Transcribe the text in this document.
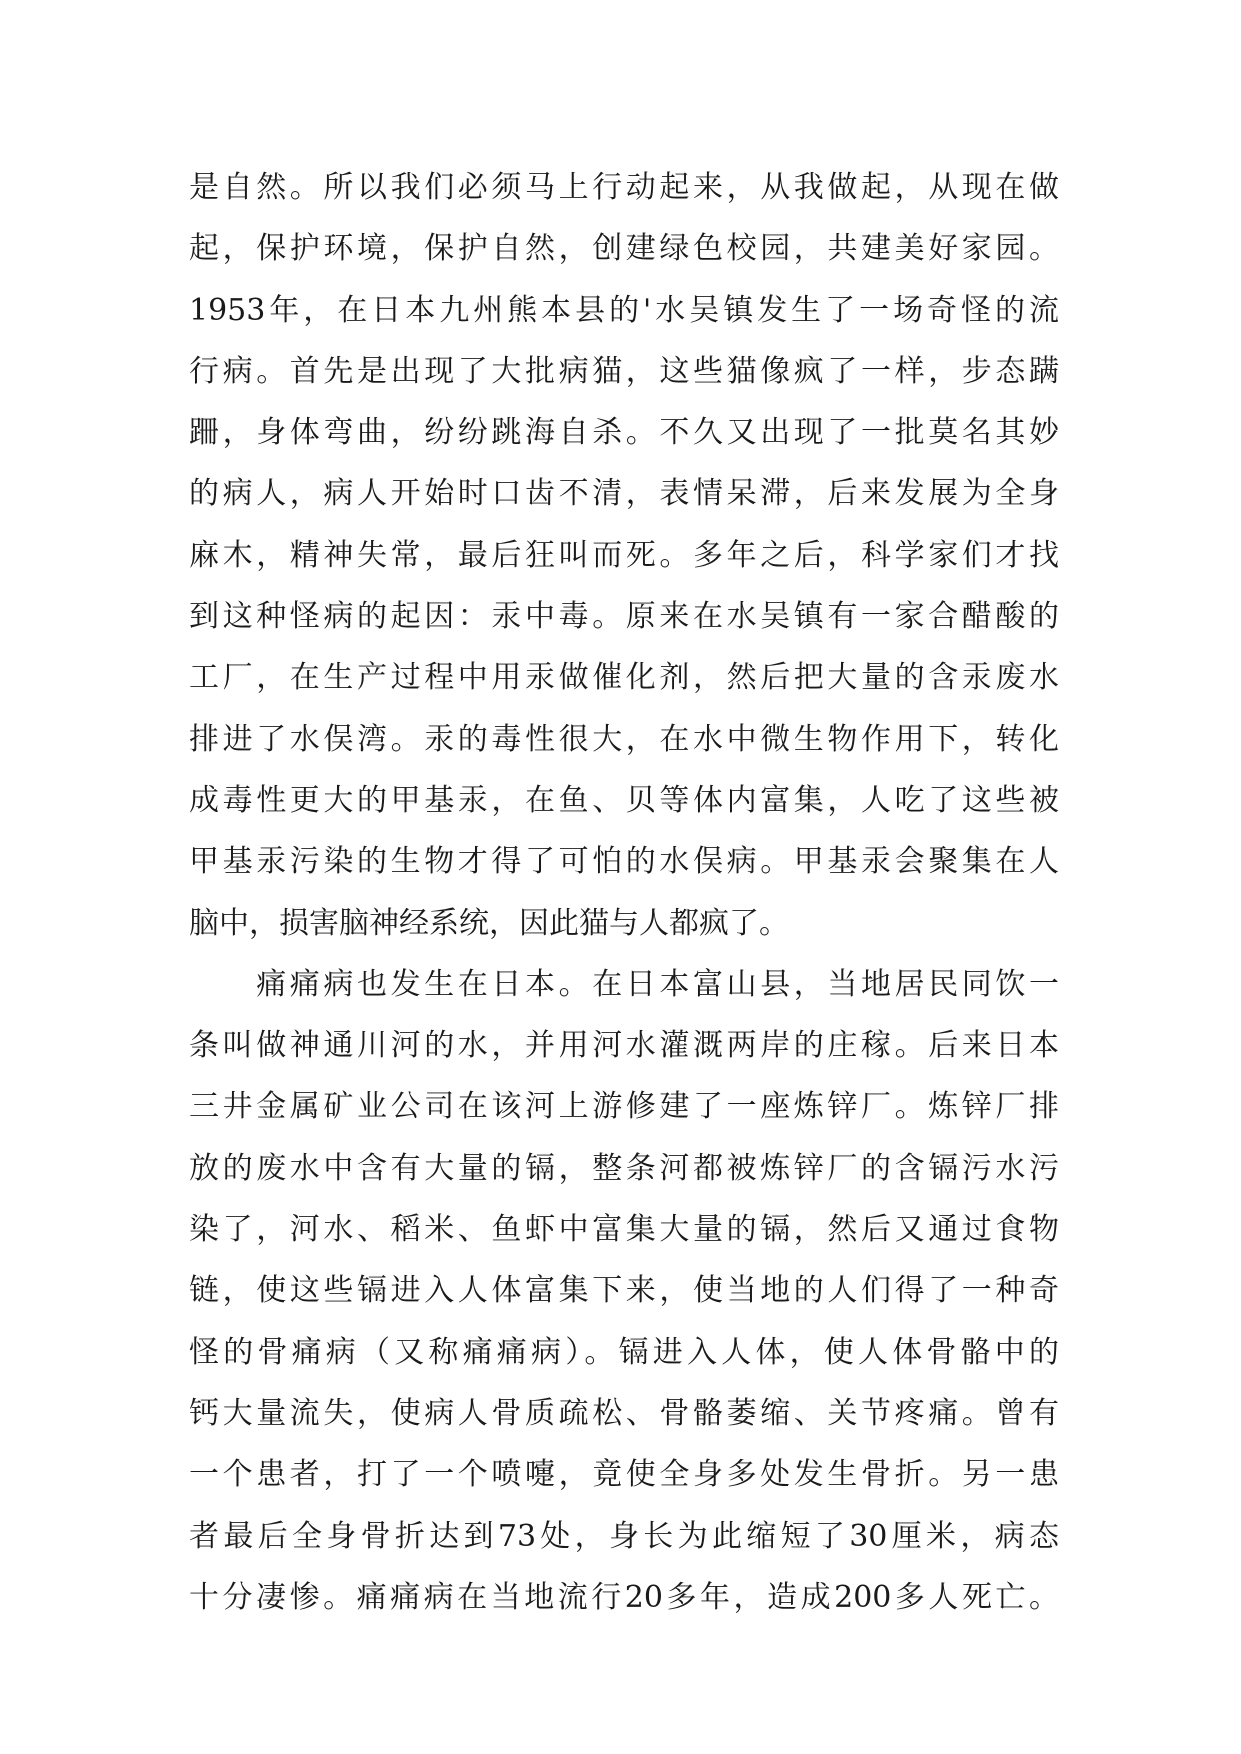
是自然。所以我们必须马上行动起来，从我做起，从现在做
起，保护环境，保护自然，创建绿色校园，共建美好家园。
1953年，在日本九州熊本县的'水吴镇发生了一场奇怪的流
行病。首先是出现了大批病猫，这些猫像疯了一样，步态蹒
跚，身体弯曲，纷纷跳海自杀。不久又出现了一批莫名其妙
的病人，病人开始时口齿不清，表情呆滞，后来发展为全身
麻木，精神失常，最后狂叫而死。多年之后，科学家们才找
到这种怪病的起因：汞中毒。原来在水吴镇有一家合醋酸的
工厂，在生产过程中用汞做催化剂，然后把大量的含汞废水
排进了水俣湾。汞的毒性很大，在水中微生物作用下，转化
成毒性更大的甲基汞，在鱼、贝等体内富集，人吃了这些被
甲基汞污染的生物才得了可怕的水俣病。甲基汞会聚集在人
脑中，损害脑神经系统，因此猫与人都疯了。
　　痛痛病也发生在日本。在日本富山县，当地居民同饮一
条叫做神通川河的水，并用河水灌溉两岸的庄稼。后来日本
三井金属矿业公司在该河上游修建了一座炼锌厂。炼锌厂排
放的废水中含有大量的镉，整条河都被炼锌厂的含镉污水污
染了，河水、稻米、鱼虾中富集大量的镉，然后又通过食物
链，使这些镉进入人体富集下来，使当地的人们得了一种奇
怪的骨痛病（又称痛痛病）。镉进入人体，使人体骨骼中的
钙大量流失，使病人骨质疏松、骨骼萎缩、关节疼痛。曾有
一个患者，打了一个喷嚏，竟使全身多处发生骨折。另一患
者最后全身骨折达到73处，身长为此缩短了30厘米，病态
十分凄惨。痛痛病在当地流行20多年，造成200多人死亡。
